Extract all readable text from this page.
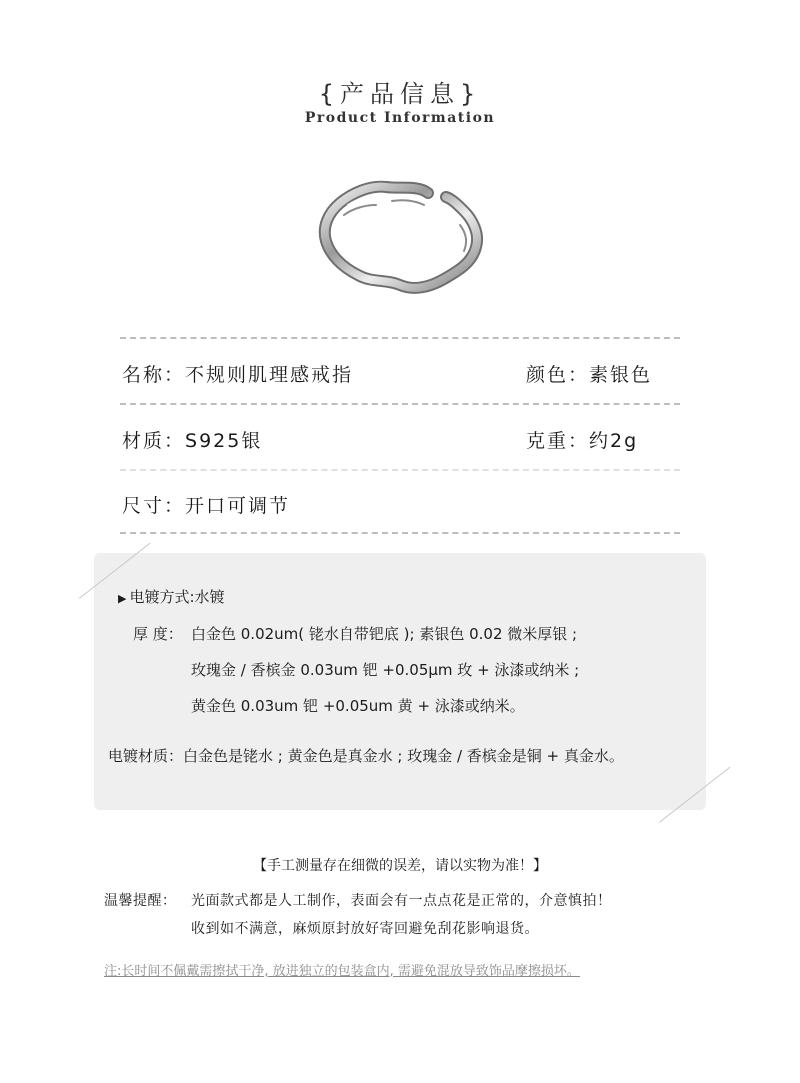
{产品信息}
Product Information
名称：不规则肌理感戒指	颜色：素银色
材质：S925银	克重：约2g
尺寸：开口可调节
▶ 电镀方式:水镀
厚 度： 白金色 0.02um( 铑水自带钯底 ); 素银色 0.02 微米厚银 ;
玫瑰金 / 香槟金 0.03um 钯 +0.05μm 玫 + 泳漆或纳米 ;
黄金色 0.03um 钯 +0.05um 黄 + 泳漆或纳米。
电镀材质：白金色是铑水 ; 黄金色是真金水 ; 玫瑰金 / 香槟金是铜 + 真金水。
【手工测量存在细微的误差，请以实物为准！】
温馨提醒： 光面款式都是人工制作，表面会有一点点花是正常的，介意慎拍！
收到如不满意，麻烦原封放好寄回避免刮花影响退货。
注:长时间不佩戴需擦拭干净, 放进独立的包装盒内, 需避免混放导致饰品摩擦损坏。
